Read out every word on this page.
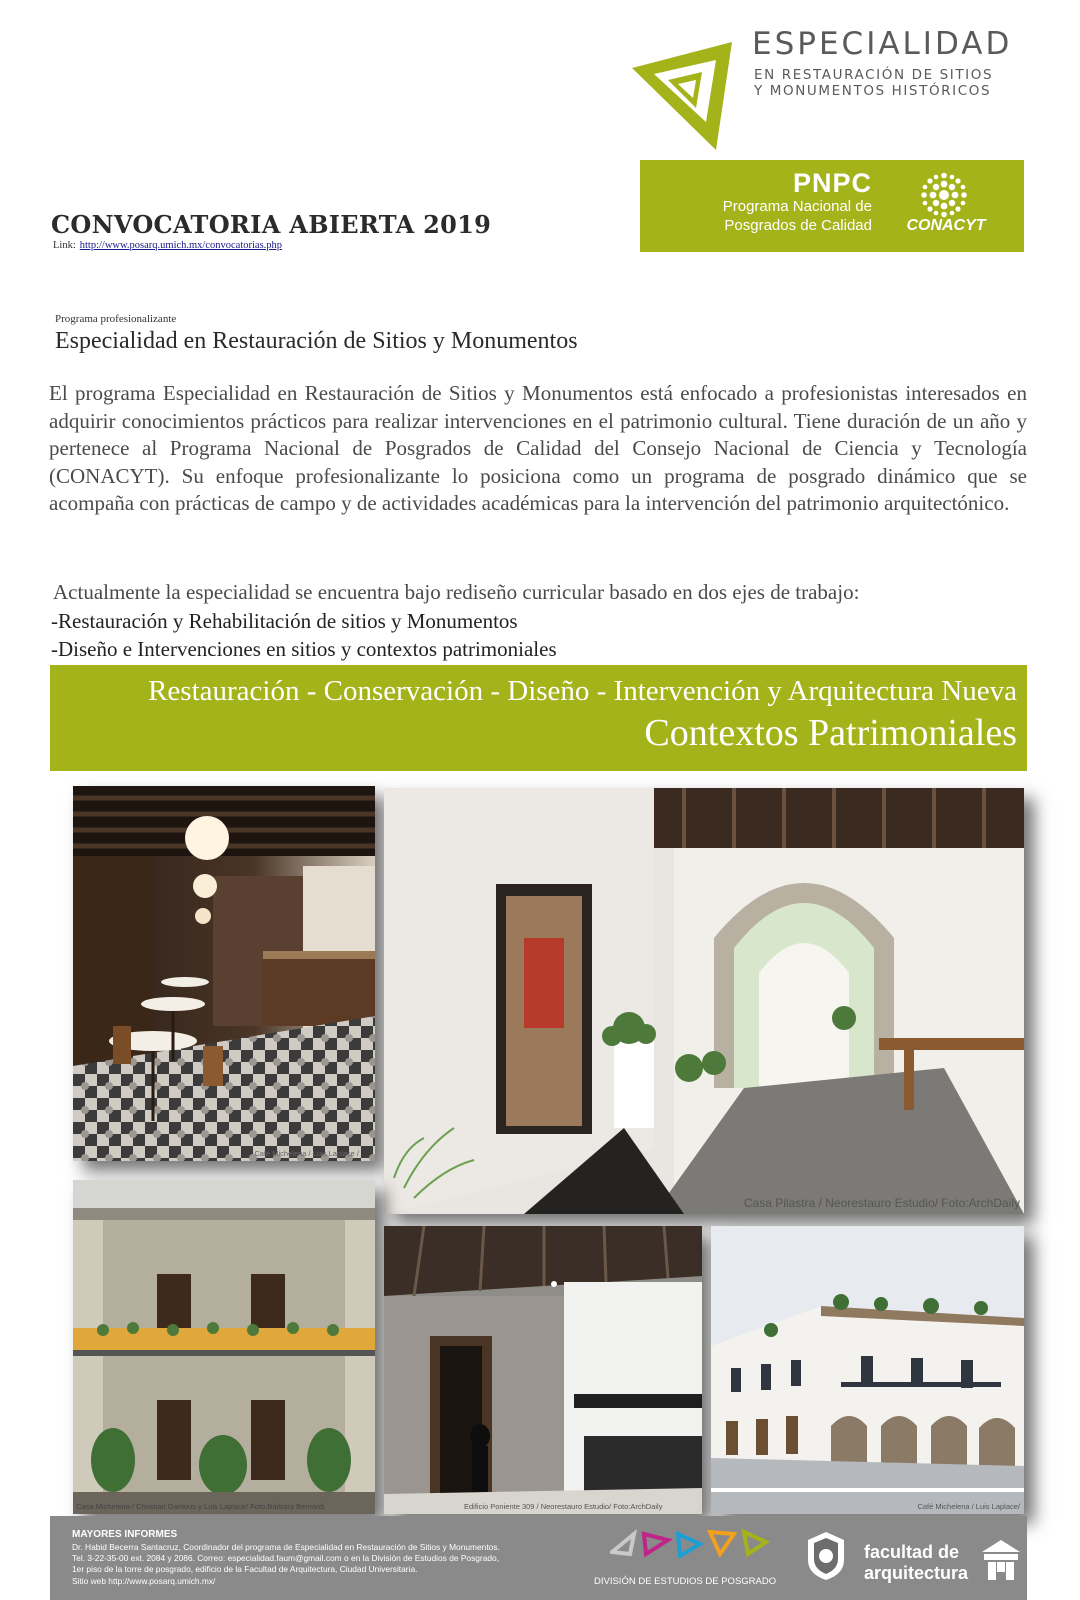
ESPECIALIDAD
EN RESTAURACIÓN DE SITIOS
Y MONUMENTOS HISTÓRICOS
PNPC
Programa Nacional de
Posgrados de Calidad CONACYT
CONVOCATORIA ABIERTA 2019
Link: http://www.posarq.umich.mx/convocatorias.php
Programa profesionalizante
Especialidad en Restauración de Sitios y Monumentos
El programa Especialidad en Restauración de Sitios y Monumentos está enfocado a profesionistas interesados en adquirir conocimientos prácticos para realizar intervenciones en el patrimonio cultural. Tiene duración de un año y pertenece al Programa Nacional de Posgrados de Calidad del Consejo Nacional de Ciencia y Tecnología (CONACYT). Su enfoque profesionalizante lo posiciona como un programa de posgrado dinámico que se acompaña con prácticas de campo y de actividades académicas para la intervención del patrimonio arquitectónico.
Actualmente la especialidad se encuentra bajo rediseño curricular basado en dos ejes de trabajo:
-Restauración y Rehabilitación de sitios y Monumentos
-Diseño e Intervenciones en sitios y contextos patrimoniales
Restauración - Conservación - Diseño - Intervención y Arquitectura Nueva
Contextos Patrimoniales
Café Michelena / Luis Laplace /
Casa Pilastra / Neorestauro Estudio/ Foto:ArchDaily
Casa Michelena / Christian Gantous y Luis Laplace/ Foto:Bárbara Bernardi	Edificio Poniente 309 / Neorestauro Estudio/ Foto:ArchDaily	Café Michelena / Luis Laplace/
MAYORES INFORMES
Dr. Habid Becerra Santacruz, Coordinador del programa de Especialidad en Restauración de Sitios y Monumentos.
Tel. 3-22-35-00 ext. 2084 y 2086. Correo: especialidad.faum@gmail.com o en la División de Estudios de Posgrado,
1er piso de la torre de posgrado, edificio de la Facultad de Arquitectura, Ciudad Universitaria.
Sitio web http://www.posarq.umich.mx/	DIVISIÓN DE ESTUDIOS DE POSGRADO
facultad de
arquitectura
